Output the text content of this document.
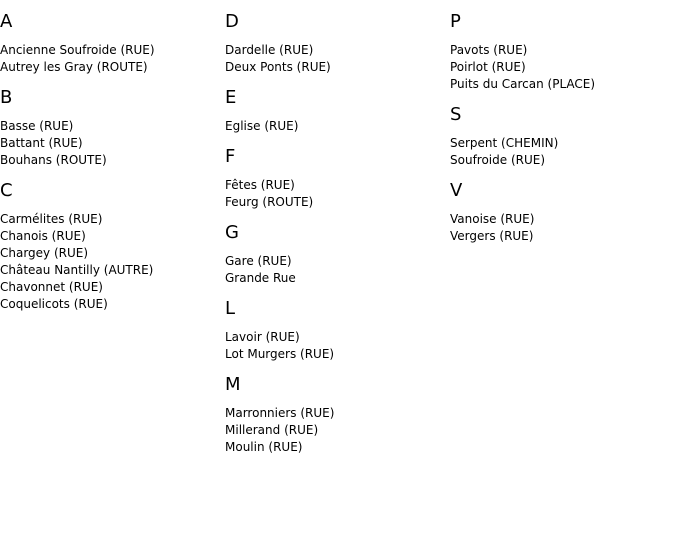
A
Ancienne Soufroide (RUE)
Autrey les Gray (ROUTE)
B
Basse (RUE)
Battant (RUE)
Bouhans (ROUTE)
C
Carmélites (RUE)
Chanois (RUE)
Chargey (RUE)
Château Nantilly (AUTRE)
Chavonnet (RUE)
Coquelicots (RUE)
D
Dardelle (RUE)
Deux Ponts (RUE)
E
Eglise (RUE)
F
Fêtes (RUE)
Feurg (ROUTE)
G
Gare (RUE)
Grande Rue
L
Lavoir (RUE)
Lot Murgers (RUE)
M
Marronniers (RUE)
Millerand (RUE)
Moulin (RUE)
P
Pavots (RUE)
Poirlot (RUE)
Puits du Carcan (PLACE)
S
Serpent (CHEMIN)
Soufroide (RUE)
V
Vanoise (RUE)
Vergers (RUE)
